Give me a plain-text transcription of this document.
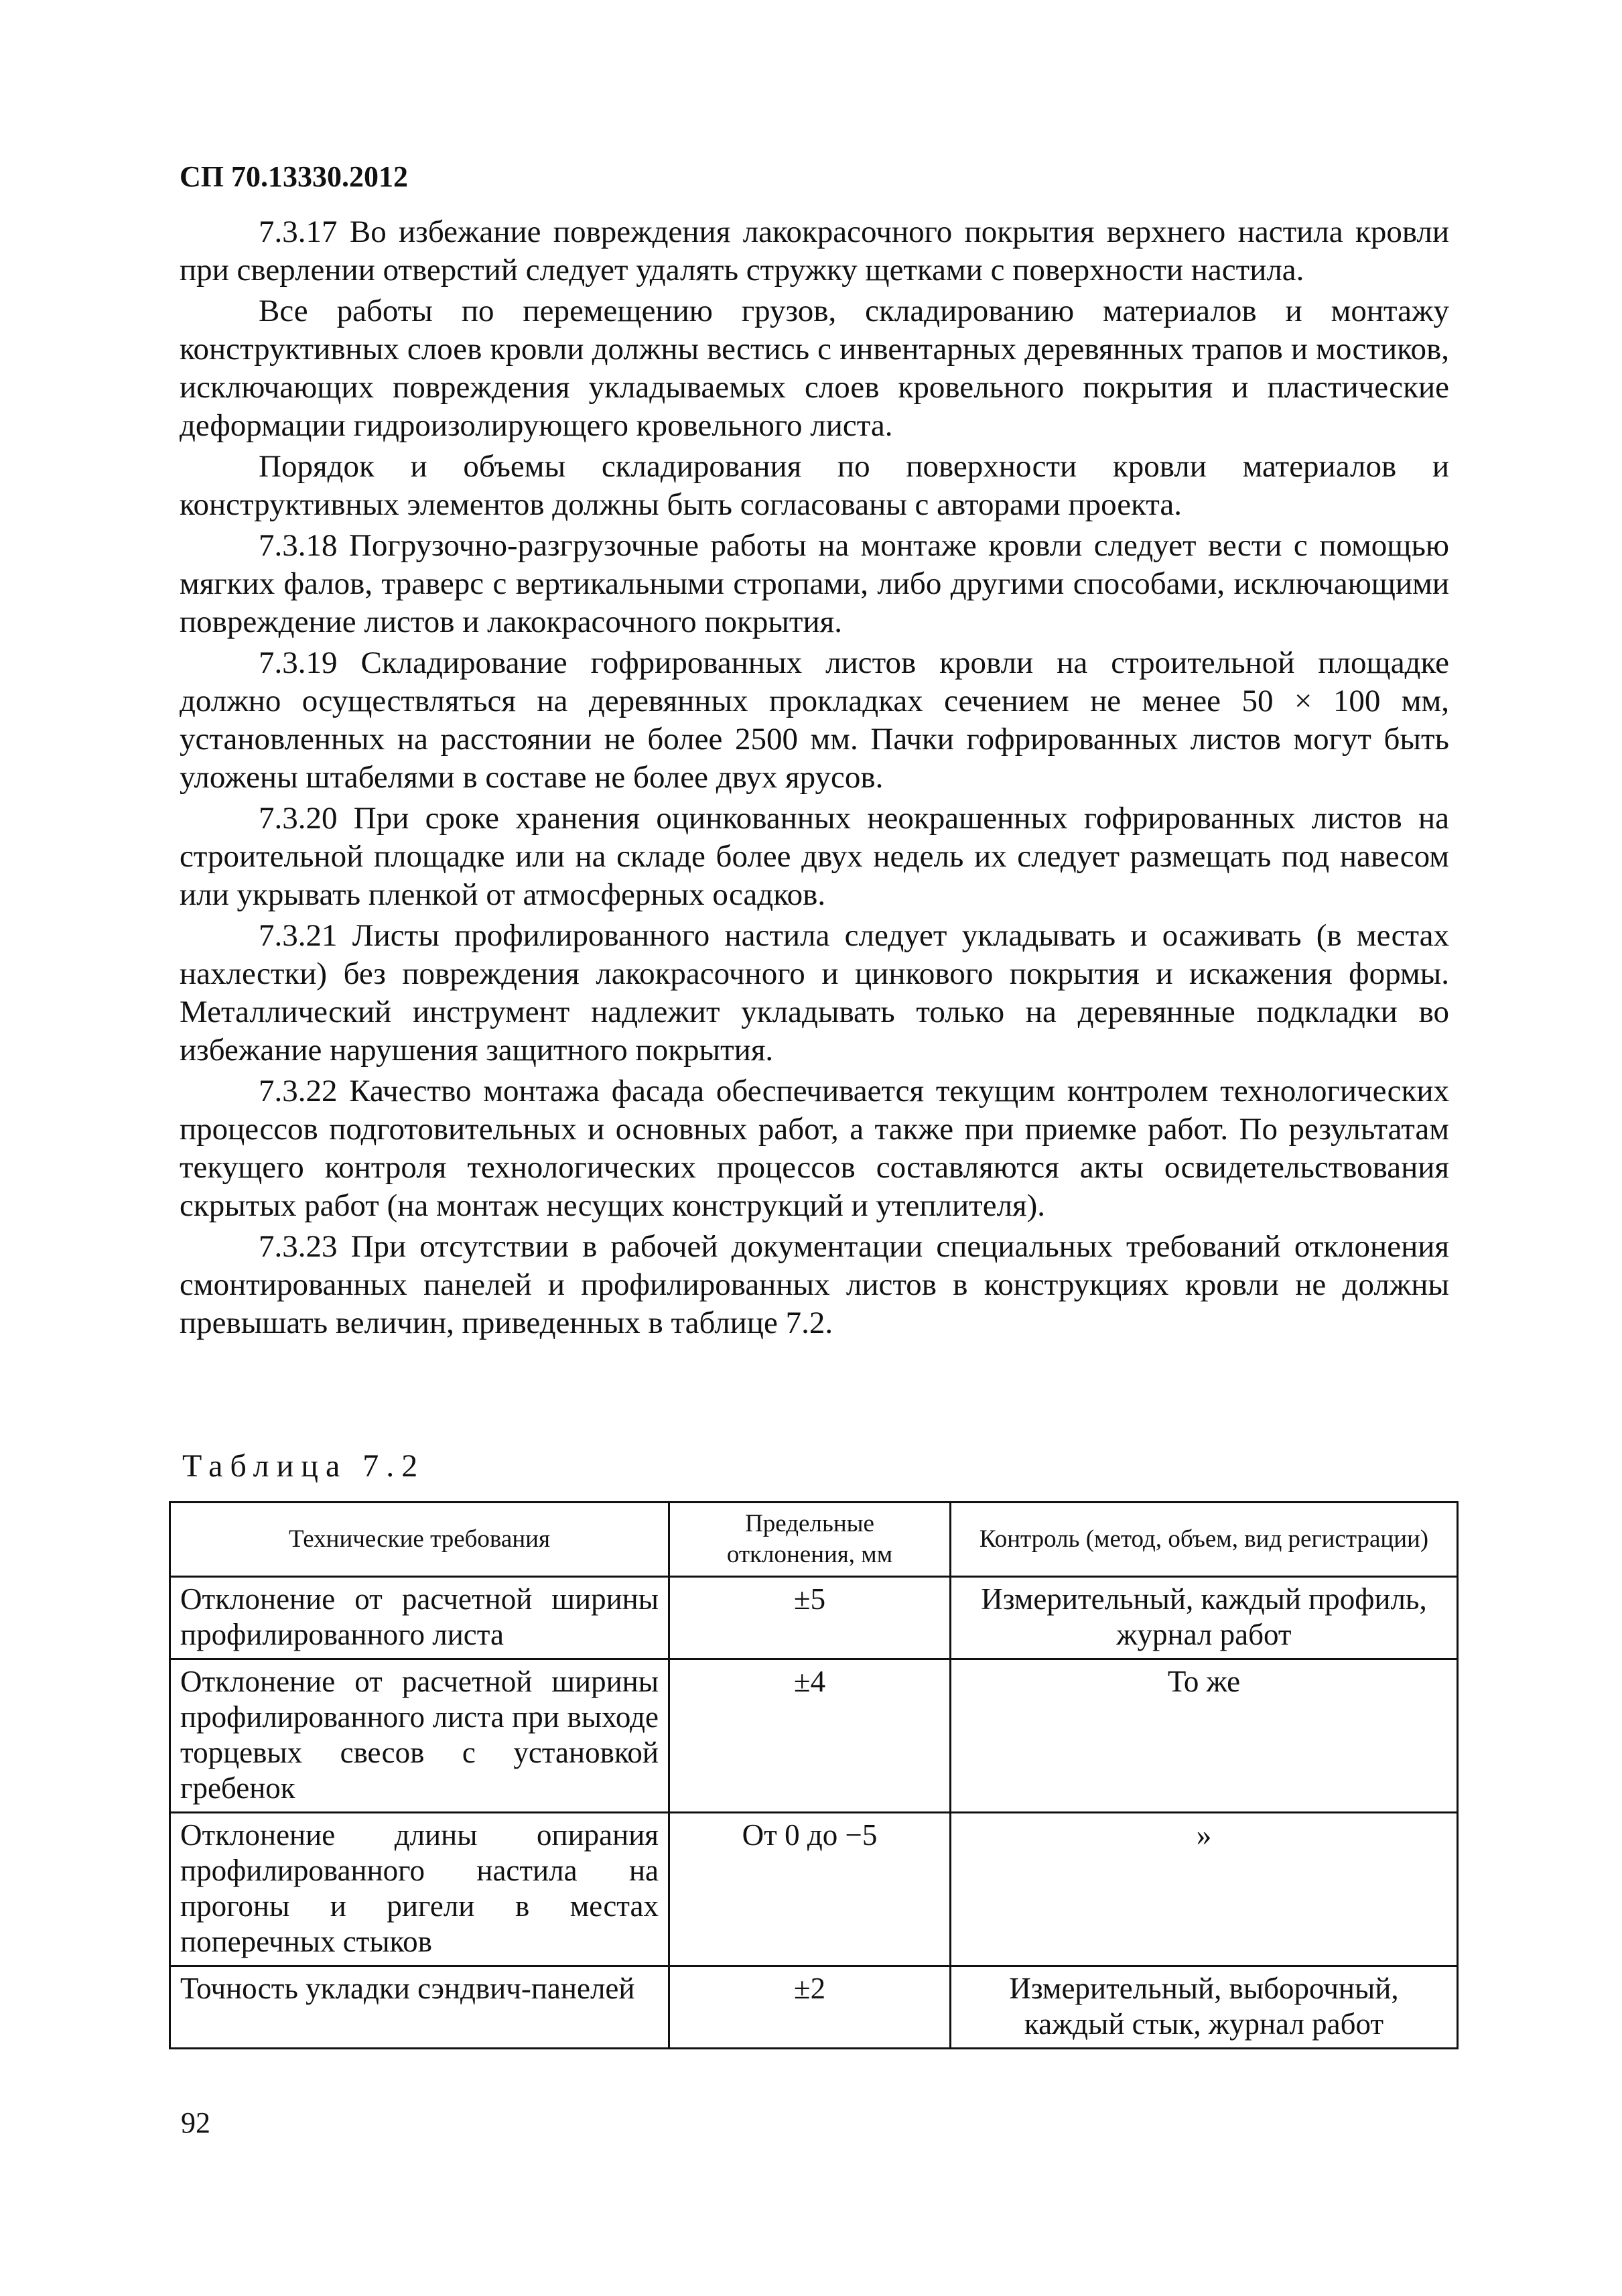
СП 70.13330.2012

7.3.17 Во избежание повреждения лакокрасочного покрытия верхнего настила кровли при сверлении отверстий следует удалять стружку щетками с поверхности настила.

Все работы по перемещению грузов, складированию материалов и монтажу конструктивных слоев кровли должны вестись с инвентарных деревянных трапов и мостиков, исключающих повреждения укладываемых слоев кровельного покрытия и пластические деформации гидроизолирующего кровельного листа.

Порядок и объемы складирования по поверхности кровли материалов и конструктивных элементов должны быть согласованы с авторами проекта.

7.3.18 Погрузочно-разгрузочные работы на монтаже кровли следует вести с помощью мягких фалов, траверс с вертикальными стропами, либо другими способами, исключающими повреждение листов и лакокрасочного покрытия.

7.3.19 Складирование гофрированных листов кровли на строительной площадке должно осуществляться на деревянных прокладках сечением не менее 50 × 100 мм, установленных на расстоянии не более 2500 мм. Пачки гофрированных листов могут быть уложены штабелями в составе не более двух ярусов.

7.3.20 При сроке хранения оцинкованных неокрашенных гофрированных листов на строительной площадке или на складе более двух недель их следует размещать под навесом или укрывать пленкой от атмосферных осадков.

7.3.21 Листы профилированного настила следует укладывать и осаживать (в местах нахлестки) без повреждения лакокрасочного и цинкового покрытия и искажения формы. Металлический инструмент надлежит укладывать только на деревянные подкладки во избежание нарушения защитного покрытия.

7.3.22 Качество монтажа фасада обеспечивается текущим контролем технологических процессов подготовительных и основных работ, а также при приемке работ. По результатам текущего контроля технологических процессов составляются акты освидетельствования скрытых работ (на монтаж несущих конструкций и утеплителя).

7.3.23 При отсутствии в рабочей документации специальных требований отклонения смонтированных панелей и профилированных листов в конструкциях кровли не должны превышать величин, приведенных в таблице 7.2.

Таблица 7.2
Технические требования	Предельные отклонения, мм	Контроль (метод, объем, вид регистрации)
Отклонение от расчетной ширины профилированного листа	±5	Измерительный, каждый профиль, журнал работ
Отклонение от расчетной ширины профилированного листа при выходе торцевых свесов с установкой гребенок	±4	То же
Отклонение длины опирания профилированного настила на прогоны и ригели в местах поперечных стыков	От 0 до −5	»
Точность укладки сэндвич-панелей	±2	Измерительный, выборочный, каждый стык, журнал работ
92
